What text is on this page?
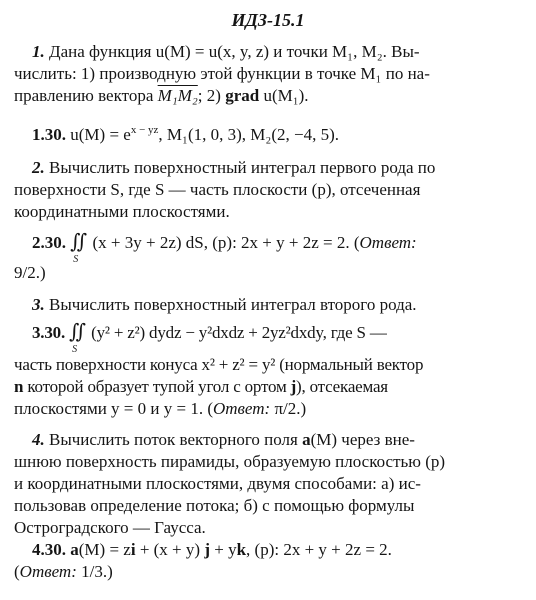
ИДЗ-15.1
1. Дана функция u(M) = u(x, y, z) и точки M₁, M₂. Вы-
числить: 1) производную этой функции в точке M₁ по на-
правлению вектора M₁M₂; 2) grad u(M₁).
1.30. $u(M) = e^{x - yz}$, M₁(1, 0, 3), M₂(2, −4, 5).
2. Вычислить поверхностный интеграл первого рода по
поверхности S, где S — часть плоскости (p), отсеченная
координатными плоскостями.
2.30. ∬
S
(x + 3y + 2z) dS, (p): 2x + y + 2z = 2. (Ответ:
9/2.)
3. Вычислить поверхностный интеграл второго рода.
3.30. ∬
S
(y² + z²) dydz − y²dxdz + 2yz²dxdy, где S —
часть поверхности конуса x² + z² = y² (нормальный вектор
n которой образует тупой угол с ортом j), отсекаемая
плоскостями y = 0 и y = 1. (Ответ: π/2.)
4. Вычислить поток векторного поля a(M) через вне-
шнюю поверхность пирамиды, образуемую плоскостью (p)
и координатными плоскостями, двумя способами: а) ис-
пользовав определение потока; б) с помощью формулы
Остроградского — Гаусса.
4.30. a(M) = zi + (x + y) j + yk, (p): 2x + y + 2z = 2.
(Ответ: 1/3.)
